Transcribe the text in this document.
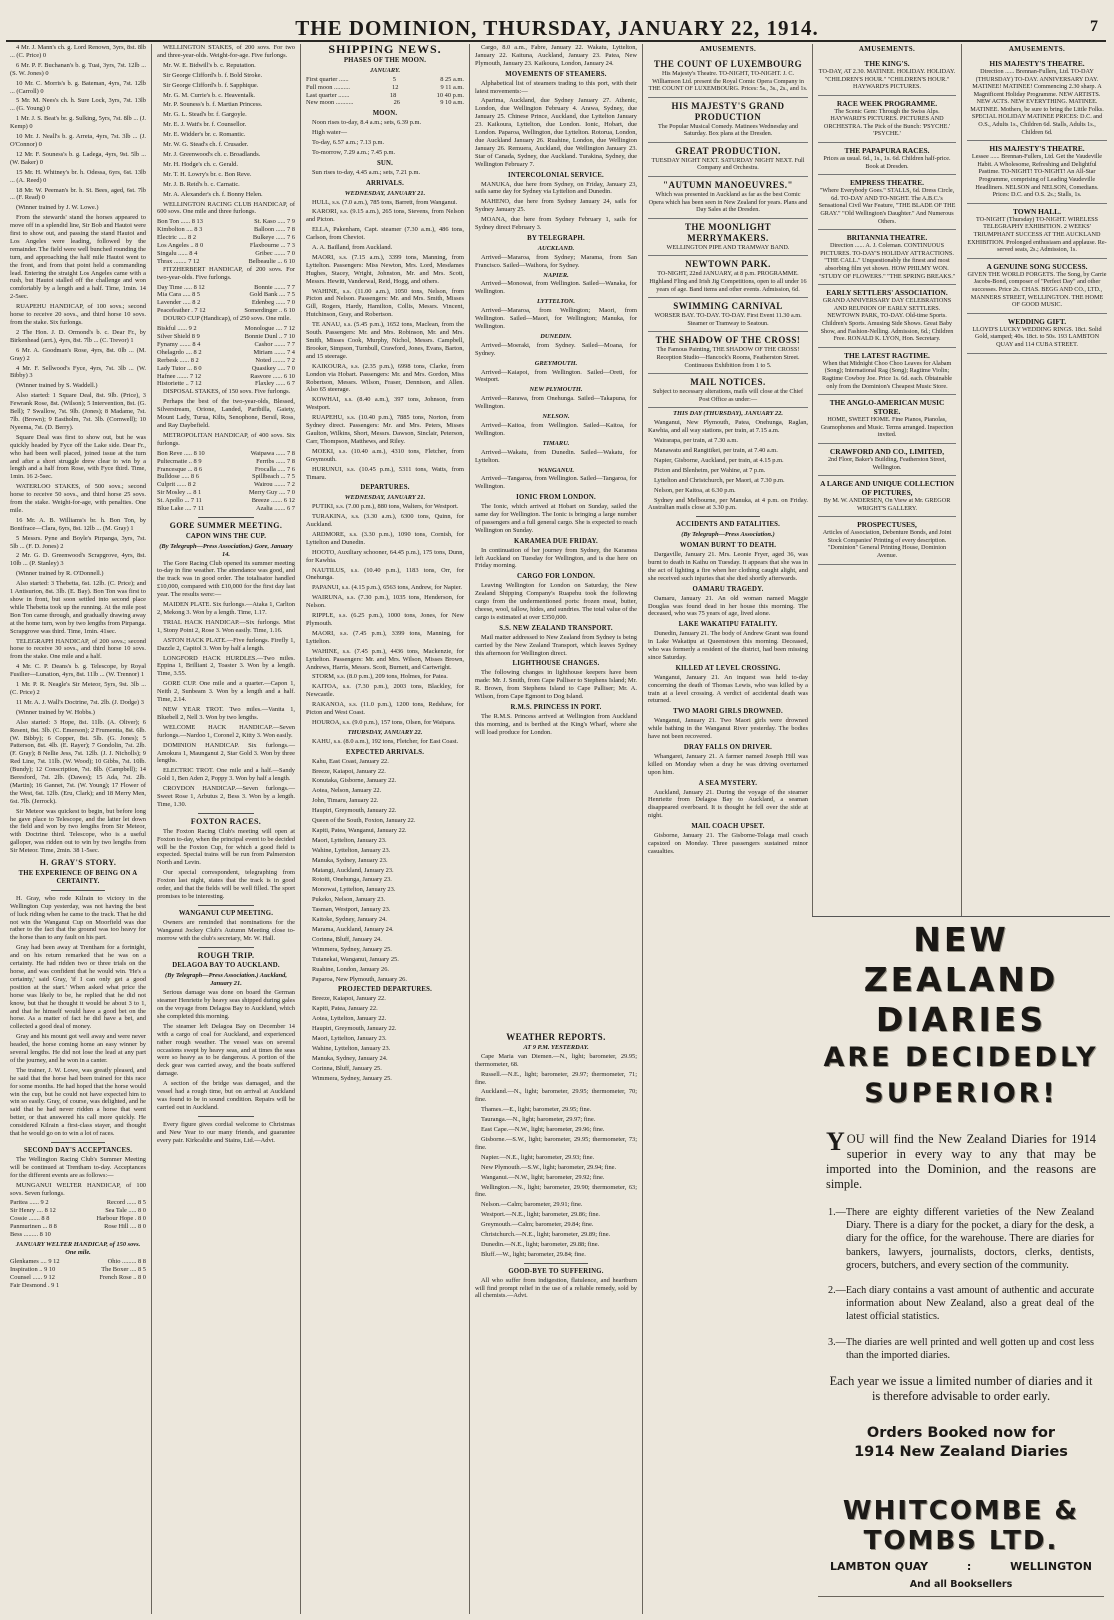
THE DOMINION, THURSDAY, JANUARY 22, 1914.	7

4 Mr. J. Mann's ch. g. Lord Renown, 3yrs, 8st. 8lb ... (C. Price) 0

6 Mr. P. F. Buchanan's b. g. Tuai, 3yrs, 7st. 12lb ... (S. W. Jones) 0

10 Mr. C. Morris's b. g. Bateman, 4yrs, 7st. 12lb ... (Carroll) 0

5 Mr. M. Nees's ch. h. Sure Lock, 3yrs, 7st. 13lb ... (G. Young) 0

1 Mr. J. S. Beat's br. g. Sulking, 5yrs, 7st. 8lb ... (J. Kemp) 0

10 Mr. J. Neall's b. g. Arreta, 4yrs, 7st. 3lb ... (J. O'Connor) 0

12 Mr. F. Souness's b. g. Ladega, 4yrs, 9st. 5lb ... (W. Baker) 0

15 Mr. H. Whitney's br. h. Odessa, 6yrs, 6st. 13lb ... (A. Reed) 0

18 Mr. W. Peeman's br. h. St. Bees, aged, 6st. 7lb ... (F. Read) 0

(Winner trained by J. W. Lowe.)

From the stewards' stand the horses appeared to move off in a splendid line, Sir Bob and Hautoi were first to show out, and passing the stand Hautoi and Los Angeles were leading, followed by the remainder. The field were well bunched rounding the turn, and approaching the half mile Hautoi went to the front, and from that point held a commanding lead. Entering the straight Los Angeles came with a rush, but Hautoi stalled off the challenge and won comfortably by a length and a half. Time, 1min. 14 2-5sec.

RUAPEHU HANDICAP, of 100 sovs.; second horse to receive 20 sovs., and third horse 10 sovs. from the stake. Six furlongs.

2 The Hon. J. D. Ormond's b. c. Dear Fr., by Birkenhead (arrt.), 4yrs, 8st. 7lb ... (C. Trevor) 1

6 Mr. A. Goodman's Rose, 4yrs, 8st. 0lb ... (M. Gray) 2

4 Mr. F. Sellwood's Fyce, 4yrs, 7st. 3lb ... (W. Bibby) 3

(Winner trained by S. Waddell.)

Also started: 1 Square Deal, 8st. 9lb. (Price), 3 Fewrank Rose, 8st. (Wilson); 5 Intervention, 8st. (G. Bell); 7 Swallow, 7st. 9lb. (Jones); 8 Madame, 7st. 7lb. (Brown); 9 Eastholm, 7st. 3lb. (Cornwell); 10 Nyeema, 7st. (D. Berry).

Square Deal was first to show out, but he was quickly headed by Fyce off the Lake side. Dear Fr., who had been well placed, joined issue at the turn and after a short struggle drew clear to win by a length and a half from Rose, with Fyce third. Time, 1min. 16 2-5sec.

WATERLOO STAKES, of 500 sovs.; second horse to receive 50 sovs., and third horse 25 sovs. from the stake. Weight-for-age, with penalties. One mile.

16 Mr. A. B. Williams's br. h. Bon Ton, by Bonifrace—Clara, 6yrs, 8st. 12lb ... (M. Gray) 1

5 Messrs. Pyne and Boyle's Pirpanga, 3yrs, 7st. 5lb ... (F. D. Jones) 2

2 Mr. G. D. Greenwood's Scrapgrove, 4yrs, 8st. 10lb ... (P. Stanley) 3

(Winner trained by R. O'Donnell.)

Also started: 3 Thebetta, 6st. 12lb. (C. Price); and 1 Antisurion, 8st. 3lb. (E. Bay). Bon Ton was first to show in front, but soon settled into second place while Thebetta took up the running. At the mile post Bon Ton came through, and gradually drawing away at the home turn, won by two lengths from Pirpanga. Scrapgrove was third. Time, 1min. 41sec.

TELEGRAPH HANDICAP, of 200 sovs.; second horse to receive 30 sovs., and third horse 10 sovs. from the stake. One mile and a half.

4 Mr. C. P. Deans's b. g. Telescope, by Royal Fusilier—Lunation, 4yrs, 8st. 11lb ... (W. Trennor) 1

1 Mr. P. R. Neagle's Sir Meteor, 5yrs, 9st. 3lb ... (C. Price) 2

11 Mr. A. J. Wall's Doctrine, 7st. 2lb. (J. Dodge) 3

(Winner trained by W. Hobbs.)

Also started: 3 Hope, 8st. 11lb. (A. Oliver); 6 Resent, 8st. 3lb. (C. Emerson); 2 Frumentia, 8st. 6lb. (W. Bibby); 6 Copper, 8st. 5lb. (G. Jones); 5 Patterson, 8st. 4lb. (E. Rayer); 7 Gondolin, 7st. 2lb. (F. Gray); 8 Nellie Jess, 7st. 12lb. (J. J. Nicholls); 9 Red Line, 7st. 11lb. (W. Wood); 10 Gibbs, 7st. 10lb. (Bundy); 12 Conscription, 7st. 8lb. (Campbell); 14 Beresford, 7st. 2lb. (Dawes); 15 Ada, 7st. 2lb. (Martin); 16 Gannet, 7st. (W. Young); 17 Flower of the West, 6st. 12lb. (Eru, Clark); and 18 Merry Men, 6st. 7lb. (Jerrock).

Sir Meteor was quickest to begin, but before long he gave place to Telescope, and the latter let down the field and won by two lengths from Sir Meteor, with Doctrine third. Telescope, who is a useful galloper, was ridden out to win by two lengths from Sir Meteor. Time, 2min. 38 1-5sec.

H. GRAY'S STORY.
THE EXPERIENCE OF BEING ON A CERTAINTY.

H. Gray, who rode Kilrain to victory in the Wellington Cup yesterday, was not having the best of luck riding when he came to the track. That he did not win the Wanganui Cup on Moorfield was due rather to the fact that the ground was too heavy for the horse than to any fault on his part.

Gray had been away at Trentham for a fortnight, and on his return remarked that he was on a certainty. He had ridden two or three trials on the horse, and was confident that he would win. 'He's a certainty,' said Gray, 'if I can only get a good position at the start.' When asked what price the horse was likely to be, he replied that he did not know, but that he thought it would be about 3 to 1, and that he himself would have a good bet on the horse. As a matter of fact he did have a bet, and collected a good deal of money.

Gray and his mount got well away and were never headed, the horse coming home an easy winner by several lengths. He did not lose the lead at any part of the journey, and he won in a canter.

The trainer, J. W. Lowe, was greatly pleased, and he said that the horse had been trained for this race for some months. He had hoped that the horse would win the cup, but he could not have expected him to win so easily. Gray, of course, was delighted, and he said that he had never ridden a horse that went better, or that answered his call more quickly. He considered Kilrain a first-class stayer, and thought that he would go on to win a lot of races.

SECOND DAY'S ACCEPTANCES.

The Wellington Racing Club's Summer Meeting will be continued at Trentham to-day. Acceptances for the different events are as follows:—

MUNGANUI WELTER HANDICAP, of 100 sovs. Seven furlongs.

Paritea ...... 9 2	Record ...... 8 5
Sir Henry .... 8 12	Sea Tale ..... 8 0
Cossie ....... 8 8	Harbour Hope . 8 0
Panmurinen ... 8 8	Rose Hill .... 8 0
Bess ......... 8 10
JANUARY WELTER HANDICAP, of 150 sovs. One mile.
Glenkames .... 9 12	Ohio ......... 8 8
Inspiration .. 9 10	The Boxer .... 8 5
Counsel ...... 9 12	French Rose .. 8 0
Fair Desmond . 9 1

WELLINGTON STAKES, of 200 sovs. For two and three-year-olds. Weight-for-age. Five furlongs.

Mr. W. E. Bidwill's b. c. Reputation.

Sir George Clifford's b. f. Bold Stroke.

Sir George Clifford's b. f. Sapphique.

Mr. G. M. Currie's b. c. Heaventalk.

Mr. P. Souness's b. f. Martian Princess.

Mr. G. L. Stead's br. f. Gargoyle.

Mr. E. J. Watt's br. f. Counsellor.

Mr. E. Widder's br. c. Romantic.

Mr. W. G. Stead's ch. f. Crusader.

Mr. J. Greenwood's ch. c. Broadlands.

Mr. H. Hodge's ch. c. Gerald.

Mr. T. H. Lowry's br. c. Bon Reve.

Mr. J. B. Reid's b. c. Carnatic.

Mr. A. Alexander's ch. f. Bonny Helen.

WELLINGTON RACING CLUB HANDICAP, of 600 sovs. One mile and three furlongs.

Bon Ton ...... 8 13	St. Kaso ..... 7 9
Kimbolton .... 8 3	Balloon ...... 7 8
Electric ..... 8 2	Bulkeye ...... 7 6
Los Angeles .. 8 0	Flaxbourne ... 7 3
Singalu ...... 8 4	Gribec ....... 7 0
Thrax ........ 7 12	Belbeaulie ... 6 10

FITZHERBERT HANDICAP, of 200 sovs. For two-year-olds. Five furlongs.

Day Time ..... 8 12	Bonnie ....... 7 7
Mia Cara ..... 8 5	Gold Bank .... 7 5
Lavender ..... 8 2	Edenbeg ...... 7 0
Peacefeather . 7 12	Somerdinger .. 6 10

DOURO CUP (Handicap), of 250 sovs. One mile.

Biskful ...... 9 2	Monologue .... 7 12
Silver Shield 8 9	Bonnie Dunl .. 7 10
Fynamy ....... 8 4	Cashor ....... 7 7
Ohelagrdo .... 8 2	Miriam ....... 7 4
Rerbesk ...... 8 2	Noted ........ 7 2
Lady Tutor ... 8 0	Quasikey ..... 7 0
Hafnee ....... 7 12	Rasvore ...... 6 10
Historiette .. 7 12	Flaxley ...... 6 7

DISPOSAL STAKES, of 150 sovs. Five furlongs.

Perhaps the best of the two-year-olds, Blessed, Silverstream, Orione, Landed, Paribilla, Gaiety, Mount Lady, Turua, Kilts, Senophone, Bersil, Ross, and Ray Daybefield.

METROPOLITAN HANDICAP, of 400 sovs. Six furlongs.

Bon Reve ..... 8 10	Waipawa ...... 7 8
Pultecmatie .. 8 9	Ferribs ...... 7 8
Francesque ... 8 6	Frocalla ..... 7 6
Bulldose ..... 8 6	Spillbeach ... 7 5
Culprit ...... 8 2	Wairou ....... 7 2
Sir Mosley ... 8 1	Merry Guy .... 7 0
St. Apollo ... 7 11	Breeze ....... 6 12
Blue Lake .... 7 11	Azalia ....... 6 7
GORE SUMMER MEETING.
CAPON WINS THE CUP.
(By Telegraph—Press Association.) Gore, January 14.

The Gore Racing Club opened its summer meeting to-day in fine weather. The attendance was good, and the track was in good order. The totalisator handled £10,000, compared with £10,000 for the first day last year. The results were:—

MAIDEN PLATE. Six furlongs.—Ataka 1, Carlton 2, Mekong 3. Won by a length. Time, 1.17.

TRIAL HACK HANDICAP.—Six furlongs. Mist 1, Stony Point 2, Rose 3. Won easily. Time, 1.16.

ASTON HACK PLATE.—Five furlongs. Firefly 1, Dazzle 2, Capitol 3. Won by half a length.

LONGFORD HACK HURDLES.—Two miles. Eppina 1, Brilliant 2, Toaster 3. Won by a length. Time, 3.55.

GORE CUP. One mile and a quarter.—Capon 1, Neith 2, Sunbeam 3. Won by a length and a half. Time, 2.14.

NEW YEAR TROT. Two miles.—Vanita 1, Bluebell 2, Nell 3. Won by two lengths.

WELCOME HACK HANDICAP.—Seven furlongs.—Nardoo 1, Coronel 2, Kitty 3. Won easily.

DOMINION HANDICAP. Six furlongs.—Amokura 1, Maunganui 2, Star Gold 3. Won by three lengths.

ELECTRIC TROT. One mile and a half.—Sandy Gold 1, Ben Aden 2, Poppy 3. Won by half a length.

CROYDON HANDICAP.—Seven furlongs.—Sweet Rose 1, Arbutus 2, Bess 3. Won by a length. Time, 1.30.

FOXTON RACES.

The Foxton Racing Club's meeting will open at Foxton to-day, when the principal event to be decided will be the Foxton Cup, for which a good field is expected. Special trains will be run from Palmerston North and Levin.

Our special correspondent, telegraphing from Foxton last night, states that the track is in good order, and that the fields will be well filled. The sport promises to be interesting.

WANGANUI CUP MEETING.

Owners are reminded that nominations for the Wanganui Jockey Club's Autumn Meeting close to-morrow with the club's secretary, Mr. W. Hall.

ROUGH TRIP.
DELAGOA BAY TO AUCKLAND.
(By Telegraph—Press Association.) Auckland, January 21.

Serious damage was done on board the German steamer Henriette by heavy seas shipped during gales on the voyage from Delagoa Bay to Auckland, which she completed this morning.

The steamer left Delagoa Bay on December 14 with a cargo of coal for Auckland, and experienced rather rough weather. The vessel was on several occasions swept by heavy seas, and at times the seas were so heavy as to be dangerous. A portion of the deck gear was carried away, and the boats suffered damage.

A section of the bridge was damaged, and the vessel had a rough time, but on arrival at Auckland was found to be in sound condition. Repairs will be carried out in Auckland.

Every figure gives cordial welcome to Christmas and New Year to our many friends, and guarantee every pair. Kirkcaldie and Stains, Ltd.—Advt.

SHIPPING NEWS.
PHASES OF THE MOON.
JANUARY.
First quarter ......	5	8 25 a.m.
Full moon ..........	12	9 11 a.m.
Last quarter .......	18	10 40 p.m.
New moon ...........	26	9 10 a.m.
MOON.

Noon rises to-day, 8.4 a.m.; sets, 6.39 p.m.

High water—

To-day, 6.57 a.m.; 7.13 p.m.

To-morrow, 7.29 a.m.; 7.45 p.m.

SUN.

Sun rises to-day, 4.45 a.m.; sets, 7.21 p.m.

ARRIVALS.
WEDNESDAY, JANUARY 21.

HULL, s.s. (7.0 a.m.), 785 tons, Barrett, from Wanganui.

KARORI, s.s. (9.15 a.m.), 265 tons, Stevens, from Nelson and Picton.

ELLA, Pakenham, Capt. steamer (7.30 a.m.), 486 tons, Carlson, from Cheviot.

A. A. Bailland, from Auckland.

MAORI, s.s. (7.15 a.m.), 3399 tons, Manning, from Lyttelton. Passengers: Miss Newton, Mrs. Lord, Mesdames Hughes, Stacey, Wright, Johnston, Mr. and Mrs. Scott, Messrs. Hewitt, Vanderwal, Reid, Hogg, and others.

WAHINE, s.s. (11.00 a.m.), 1050 tons, Nelson, from Picton and Nelson. Passengers: Mr. and Mrs. Smith, Misses Gill, Rogers, Hardy, Hamilton, Collis, Messrs. Vincent, Hutchinson, Gray, and Robertson.

TE ANAU, s.s. (5.45 p.m.), 1652 tons, Maclean, from the South. Passengers: Mr. and Mrs. Robinson, Mr. and Mrs. Smith, Misses Cook, Murphy, Nichol, Messrs. Campbell, Brooker, Simpson, Turnbull, Crawford, Jones, Evans, Barton, and 15 steerage.

KAIKOURA, s.s. (2.35 p.m.), 6998 tons, Clarke, from London via Hobart. Passengers: Mr. and Mrs. Gordon, Miss Robertson, Messrs. Wilson, Fraser, Dennison, and Allen. Also 65 steerage.

KOWHAI, s.s. (8.40 a.m.), 397 tons, Johnson, from Westport.

RUAPEHU, s.s. (10.40 p.m.), 7885 tons, Norton, from Sydney direct. Passengers: Mr. and Mrs. Peters, Misses Gaulton, Wilkins, Short, Messrs. Dawson, Sinclair, Peterson, Carr, Thompson, Matthews, and Riley.

MOEKI, s.s. (10.40 a.m.), 4310 tons, Fletcher, from Greymouth.

HURUNUI, s.s. (10.45 p.m.), 5311 tons, Watts, from Timaru.

DEPARTURES.
WEDNESDAY, JANUARY 21.

PUTIKI, s.s. (7.00 p.m.), 880 tons, Walters, for Westport.

TURAKINA, s.s. (3.30 a.m.), 6300 tons, Quinn, for Auckland.

ARDMORE, s.s. (3.30 p.m.), 1090 tons, Cornish, for Lyttelton and Dunedin.

HOOTO, Auxiliary schooner, 64.45 p.m.), 175 tons, Dunn, for Kawhia.

NAUTILUS, s.s. (10.40 p.m.), 1183 tons, Orr, for Onehunga.

PAPANUI, s.s. (4.15 p.m.), 6563 tons, Andrew, for Napier.

WAIRUNA, s.s. (7.30 p.m.), 1035 tons, Henderson, for Nelson.

RIPPLE, s.s. (6.25 p.m.), 1000 tons, Jones, for New Plymouth.

MAORI, s.s. (7.45 p.m.), 3399 tons, Manning, for Lyttelton.

WAHINE, s.s. (7.45 p.m.), 4436 tons, Mackenzie, for Lyttelton. Passengers: Mr. and Mrs. Wilson, Misses Brown, Andrews, Harris, Messrs. Scott, Burnett, and Cartwright.

STORM, s.s. (8.0 p.m.), 209 tons, Holmes, for Patea.

KAITOA, s.s. (7.30 p.m.), 2003 tons, Blackley, for Newcastle.

RAKANOA, s.s. (11.0 p.m.), 1200 tons, Redshaw, for Picton and West Coast.

HOUROA, s.s. (9.0 p.m.), 157 tons, Olsen, for Waipara.

THURSDAY, JANUARY 22.

KAHU, s.s. (8.0 a.m.), 192 tons, Fletcher, for East Coast.

EXPECTED ARRIVALS.

Kahu, East Coast, January 22.

Breeze, Kaiapoi, January 22.

Konutaka, Gisborne, January 22.

Aotea, Nelson, January 22.

John, Timaru, January 22.

Haupiri, Greymouth, January 22.

Queen of the South, Foxton, January 22.

Kapiti, Patea, Wanganui, January 22.

Maori, Lyttelton, January 23.

Wahine, Lyttelton, January 23.

Manuka, Sydney, January 23.

Matangi, Auckland, January 23.

Rotoiti, Onehunga, January 23.

Monowai, Lyttelton, January 23.

Pukeko, Nelson, January 23.

Tasman, Westport, January 23.

Kaitoke, Sydney, January 24.

Marama, Auckland, January 24.

Corinna, Bluff, January 24.

Wimmera, Sydney, January 25.

Tutanekai, Wanganui, January 25.

Ruahine, London, January 26.

Paparoa, New Plymouth, January 26.

PROJECTED DEPARTURES.

Breeze, Kaiapoi, January 22.

Kapiti, Patea, January 22.

Aotea, Lyttelton, January 22.

Haupiri, Greymouth, January 22.

Maori, Lyttelton, January 23.

Wahine, Lyttelton, January 23.

Manuka, Sydney, January 24.

Corinna, Bluff, January 25.

Wimmera, Sydney, January 25.

Cargo, 8.0 a.m., Fabre, January 22. Wakatu, Lyttelton, January 22. Kaituna, Auckland, January 23. Patea, New Plymouth, January 23. Kaikoura, London, January 24.

MOVEMENTS OF STEAMERS.

Alphabetical list of steamers trading to this port, with their latest movements:—

Aparima, Auckland, due Sydney January 27. Athenic, London, due Wellington February 4. Arawa, Sydney, due January 25. Chinese Prince, Auckland, due Lyttelton January 23. Kaikoura, Lyttelton, due London. Ionic, Hobart, due London. Paparoa, Wellington, due Lyttelton. Rotorua, London, due Auckland January 26. Ruahine, London, due Wellington January 26. Remuera, Auckland, due Wellington January 23. Star of Canada, Sydney, due Auckland. Turakina, Sydney, due Wellington February 7.

INTERCOLONIAL SERVICE.

MANUKA, due here from Sydney, on Friday, January 23, sails same day for Sydney via Lyttelton and Dunedin.

MAHENO, due here from Sydney January 24, sails for Sydney January 25.

MOANA, due here from Sydney February 1, sails for Sydney direct February 3.

BY TELEGRAPH.
AUCKLAND.

Arrived—Mararoa, from Sydney; Marama, from San Francisco. Sailed—Waihora, for Sydney.

NAPIER.

Arrived—Monowai, from Wellington. Sailed—Wanaka, for Wellington.

LYTTELTON.

Arrived—Mararoa, from Wellington; Maori, from Wellington. Sailed—Maori, for Wellington; Manuka, for Wellington.

DUNEDIN.

Arrived—Moeraki, from Sydney. Sailed—Moana, for Sydney.

GREYMOUTH.

Arrived—Kaiapoi, from Wellington. Sailed—Oreti, for Westport.

NEW PLYMOUTH.

Arrived—Rarawa, from Onehunga. Sailed—Takapuna, for Wellington.

NELSON.

Arrived—Kaitoa, from Wellington. Sailed—Kaitoa, for Wellington.

TIMARU.

Arrived—Wakatu, from Dunedin. Sailed—Wakatu, for Lyttelton.

WANGANUI.

Arrived—Tangaroa, from Wellington. Sailed—Tangaroa, for Wellington.

IONIC FROM LONDON.

The Ionic, which arrived at Hobart on Sunday, sailed the same day for Wellington. The Ionic is bringing a large number of passengers and a full general cargo. She is expected to reach Wellington on Sunday.

KARAMEA DUE FRIDAY.

In continuation of her journey from Sydney, the Karamea left Auckland on Tuesday for Wellington, and is due here on Friday morning.

CARGO FOR LONDON.

Leaving Wellington for London on Saturday, the New Zealand Shipping Company's Ruapehu took the following cargo from the undermentioned ports: frozen meat, butter, cheese, wool, tallow, hides, and sundries. The total value of the cargo is estimated at over £350,000.

S.S. NEW ZEALAND TRANSPORT.

Mail matter addressed to New Zealand from Sydney is being carried by the New Zealand Transport, which leaves Sydney this afternoon for Wellington direct.

LIGHTHOUSE CHANGES.

The following changes in lighthouse keepers have been made: Mr. J. Smith, from Cape Palliser to Stephens Island; Mr. R. Brown, from Stephens Island to Cape Palliser; Mr. A. Wilson, from Cape Egmont to Dog Island.

R.M.S. PRINCESS IN PORT.

The R.M.S. Princess arrived at Wellington from Auckland this morning, and is berthed at the King's Wharf, where she will load produce for London.

AMUSEMENTS.
THE COUNT OF LUXEMBOURG
His Majesty's Theatre. TO-NIGHT, TO-NIGHT. J. C. Williamson Ltd. present the Royal Comic Opera Company in THE COUNT OF LUXEMBOURG. Prices: 5s., 3s., 2s., and 1s.
HIS MAJESTY'S GRAND PRODUCTION
The Popular Musical Comedy. Matinees Wednesday and Saturday. Box plans at the Dresden.
GREAT PRODUCTION.
TUESDAY NIGHT NEXT. SATURDAY NIGHT NEXT. Full Company and Orchestra.
"AUTUMN MANOEUVRES."
Which was presented in Auckland as far as the best Comic Opera which has been seen in New Zealand for years. Plans and Day Sales at the Dresden.
THE MOONLIGHT MERRYMAKERS.
WELLINGTON PIPE AND TRAMWAY BAND.
NEWTOWN PARK.
TO-NIGHT, 22nd JANUARY, at 8 p.m. PROGRAMME. Highland Fling and Irish Jig Competitions, open to all under 16 years of age. Band items and other events. Admission, 6d.
SWIMMING CARNIVAL
WORSER BAY. TO-DAY. TO-DAY. First Event 11.30 a.m. Steamer or Tramway to Seatoun.
THE SHADOW OF THE CROSS!
The Famous Painting, THE SHADOW OF THE CROSS! Reception Studio—Hancock's Rooms, Featherston Street. Continuous Exhibition from 1 to 5.
MAIL NOTICES.
Subject to necessary alterations, mails will close at the Chief Post Office as under:—
THIS DAY (THURSDAY), JANUARY 22.

Wanganui, New Plymouth, Patea, Onehunga, Raglan, Kawhia, and all way stations, per train, at 7.15 a.m.

Wairarapa, per train, at 7.30 a.m.

Manawatu and Rangitikei, per train, at 7.40 a.m.

Napier, Gisborne, Auckland, per train, at 4.15 p.m.

Picton and Blenheim, per Wahine, at 7 p.m.

Lyttelton and Christchurch, per Maori, at 7.30 p.m.

Nelson, per Kaitoa, at 6.30 p.m.

Sydney and Melbourne, per Manuka, at 4 p.m. on Friday. Australian mails close at 3.30 p.m.

ACCIDENTS AND FATALITIES.
(By Telegraph—Press Association.)
WOMAN BURNT TO DEATH.

Dargaville, January 21. Mrs. Leonie Fryer, aged 36, was burnt to death in Kaihu on Tuesday. It appears that she was in the act of lighting a fire when her clothing caught alight, and she received such injuries that she died shortly afterwards.

OAMARU TRAGEDY.

Oamaru, January 21. An old woman named Maggie Douglas was found dead in her house this morning. The deceased, who was 75 years of age, lived alone.

LAKE WAKATIPU FATALITY.

Dunedin, January 21. The body of Andrew Grant was found in Lake Wakatipu at Queenstown this morning. Deceased, who was formerly a resident of the district, had been missing since Saturday.

KILLED AT LEVEL CROSSING.

Wanganui, January 21. An inquest was held to-day concerning the death of Thomas Lewis, who was killed by a train at a level crossing. A verdict of accidental death was returned.

TWO MAORI GIRLS DROWNED.

Wanganui, January 21. Two Maori girls were drowned while bathing in the Wanganui River yesterday. The bodies have not been recovered.

DRAY FALLS ON DRIVER.

Whangarei, January 21. A farmer named Joseph Hill was killed on Monday when a dray he was driving overturned upon him.

A SEA MYSTERY.

Auckland, January 21. During the voyage of the steamer Henriette from Delagoa Bay to Auckland, a seaman disappeared overboard. It is thought he fell over the side at night.

MAIL COACH UPSET.

Gisborne, January 21. The Gisborne-Tolaga mail coach capsized on Monday. Three passengers sustained minor casualties.

WEATHER REPORTS.
AT 9 P.M. YESTERDAY.

Cape Maria van Diemen.—N., light; barometer, 29.95; thermometer, 68.

Russell.—N.E., light; barometer, 29.97; thermometer, 71; fine.

Auckland.—N., light; barometer, 29.95; thermometer, 70; fine.

Thames.—E., light; barometer, 29.95; fine.

Tauranga.—N., light; barometer, 29.97; fine.

East Cape.—N.W., light; barometer, 29.96; fine.

Gisborne.—S.W., light; barometer, 29.95; thermometer, 73; fine.

Napier.—N.E., light; barometer, 29.93; fine.

New Plymouth.—S.W., light; barometer, 29.94; fine.

Wanganui.—N.W., light; barometer, 29.92; fine.

Wellington.—N., light; barometer, 29.90; thermometer, 63; fine.

Nelson.—Calm; barometer, 29.91; fine.

Westport.—N.E., light; barometer, 29.86; fine.

Greymouth.—Calm; barometer, 29.84; fine.

Christchurch.—N.E., light; barometer, 29.89; fine.

Dunedin.—N.E., light; barometer, 29.88; fine.

Bluff.—W., light; barometer, 29.84; fine.

GOOD-BYE TO SUFFERING.

All who suffer from indigestion, flatulence, and heartburn will find prompt relief in the use of a reliable remedy, sold by all chemists.—Advt.

AMUSEMENTS.
THE KING'S.
TO-DAY, AT 2.30. MATINEE. HOLIDAY. HOLIDAY. "CHILDREN'S HOUR." "CHILDREN'S HOUR." HAYWARD'S PICTURES.
RACE WEEK PROGRAMME.
The Scenic Gem: Through the Swiss Alps. HAYWARD'S PICTURES. PICTURES AND ORCHESTRA. The Pick of the Bunch: 'PSYCHE.' 'PSYCHE.'
THE PAPAPURA RACES.
Prices as usual. 6d., 1s., 1s. 6d. Children half-price. Book at Dresden.
EMPRESS THEATRE.
"Where Everybody Goes." STALLS, 6d. Dress Circle, 6d. TO-DAY AND TO-NIGHT. The A.B.C.'s Sensational Civil War Feature, "THE BLADE OF THE GRAY." "Old Wellington's Daughter." And Numerous Others.
BRITANNIA THEATRE.
Direction ...... A. J. Coleman. CONTINUOUS PICTURES. TO-DAY'S HOLIDAY ATTRACTIONS. "THE CALL." Unquestionably the finest and most absorbing film yet shown. HOW PHILMY WON. "STUDY OF FLOWERS." "THE SPRING BREAKS."
EARLY SETTLERS' ASSOCIATION.
GRAND ANNIVERSARY DAY CELEBRATIONS AND REUNION OF EARLY SETTLERS. NEWTOWN PARK, TO-DAY. Old-time Sports. Children's Sports. Amusing Side Shows. Great Baby Show, and Fashion-Nelling. Admission, 6d.; Children Free. RONALD K. LYON, Hon. Secretary.
THE LATEST RAGTIME.
When that Midnight Choo Choo Leaves for Alabam (Song); International Rag (Song); Ragtime Violin; Ragtime Cowboy Joe. Price 1s. 6d. each. Obtainable only from the Dominion's Cheapest Music Store.
THE ANGLO-AMERICAN MUSIC STORE.
HOME, SWEET HOME. Fine Pianos, Pianolas, Gramophones and Music. Terms arranged. Inspection invited.
CRAWFORD AND CO., LIMITED,
2nd Floor, Baker's Building, Featherston Street, Wellington.
A LARGE AND UNIQUE COLLECTION OF PICTURES,
By M. W. ANDERSEN, On View at Mr. GREGOR WRIGHT'S GALLERY.
PROSPECTUSES,
Articles of Association, Debenture Bonds, and Joint Stock Companies' Printing of every description. "Dominion" General Printing House, Dominion Avenue.
AMUSEMENTS.
HIS MAJESTY'S THEATRE.
Direction ...... Brennan-Fullers, Ltd. TO-DAY (THURSDAY) TO-DAY. ANNIVERSARY DAY. MATINEE! MATINEE! Commencing 2.30 sharp. A Magnificent Holiday Programme. NEW ARTISTS. NEW ACTS. NEW EVERYTHING. MATINEE. MATINEE. Mothers, be sure to bring the Little Folks. SPECIAL HOLIDAY MATINEE PRICES: D.C. and O.S., Adults 1s., Children 6d. Stalls, Adults 1s., Children 6d.
HIS MAJESTY'S THEATRE.
Lessee ...... Brennan-Fullers, Ltd. Get the Vaudeville Habit. A Wholesome, Refreshing and Delightful Pastime. TO-NIGHT! TO-NIGHT! An All-Star Programme, comprising of Leading Vaudeville Headliners. NELSON and NELSON, Comedians. Prices: D.C. and O.S. 2s.; Stalls, 1s.
TOWN HALL.
TO-NIGHT (Thursday) TO-NIGHT. WIRELESS TELEGRAPHY EXHIBITION. 2 WEEKS' TRIUMPHANT SUCCESS AT THE AUCKLAND EXHIBITION. Prolonged enthusiasm and applause. Re-served seats, 2s.; Admission, 1s.
A GENUINE SONG SUCCESS.
GIVEN THE WORLD FORGETS. The Song, by Carrie Jacobs-Bond, composer of "Perfect Day" and other successes. Price 2s. CHAS. BEGG AND CO., LTD., MANNERS STREET, WELLINGTON. THE HOME OF GOOD MUSIC.
WEDDING GIFT.
LLOYD'S LUCKY WEDDING RINGS. 18ct. Solid Gold, stamped; 40s. 18ct. to 50s. 193 LAMBTON QUAY and 114 CUBA STREET.
NEW ZEALAND DIARIES
ARE DECIDEDLY SUPERIOR!
YOU will find the New Zealand Diaries for 1914 superior in every way to any that may be imported into the Dominion, and the reasons are simple.
1.—There are eighty different varieties of the New Zealand Diary. There is a diary for the pocket, a diary for the desk, a diary for the office, for the warehouse. There are diaries for bankers, lawyers, journalists, doctors, clerks, dentists, grocers, butchers, and every section of the community.
2.—Each diary contains a vast amount of authentic and accurate information about New Zealand, also a great deal of the latest official statistics.
3.—The diaries are well printed and well gotten up and cost less than the imported diaries.
Each year we issue a limited number of diaries and it is therefore advisable to order early.
Orders Booked now for
1914 New Zealand Diaries
WHITCOMBE & TOMBS LTD.
LAMBTON QUAY	:	WELLINGTON
And all Booksellers
